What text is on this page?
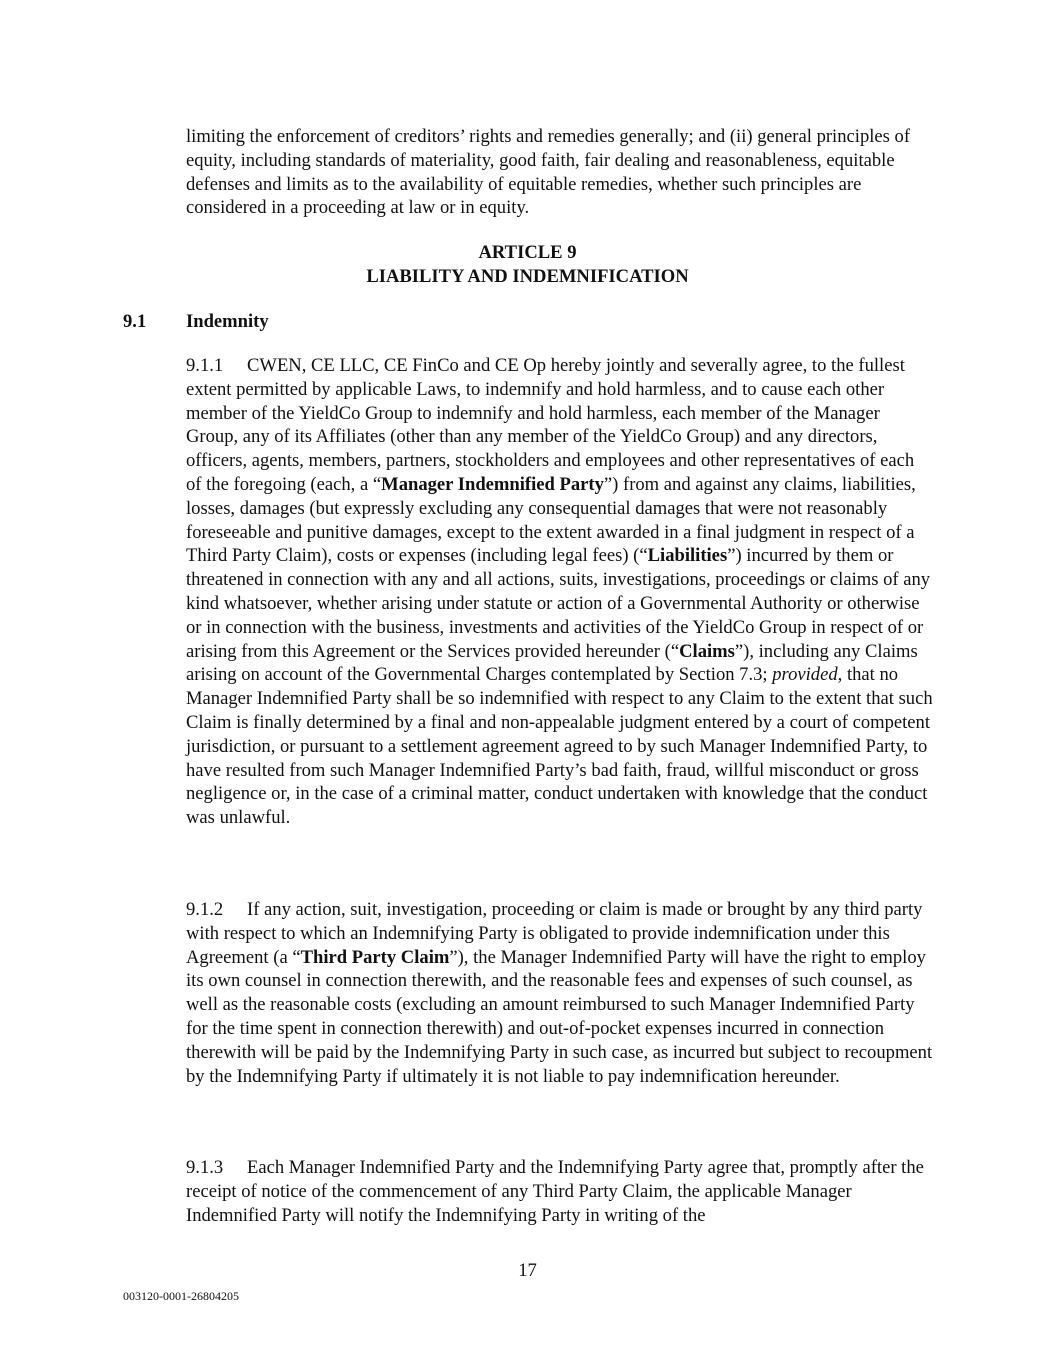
limiting the enforcement of creditors’ rights and remedies generally; and (ii) general principles of equity, including standards of materiality, good faith, fair dealing and reasonableness, equitable defenses and limits as to the availability of equitable remedies, whether such principles are considered in a proceeding at law or in equity.

ARTICLE 9
LIABILITY AND INDEMNIFICATION
9.1 Indemnity

9.1.1 CWEN, CE LLC, CE FinCo and CE Op hereby jointly and severally agree, to the fullest extent permitted by applicable Laws, to indemnify and hold harmless, and to cause each other member of the YieldCo Group to indemnify and hold harmless, each member of the Manager Group, any of its Affiliates (other than any member of the YieldCo Group) and any directors, officers, agents, members, partners, stockholders and employees and other representatives of each of the foregoing (each, a “Manager Indemnified Party”) from and against any claims, liabilities, losses, damages (but expressly excluding any consequential damages that were not reasonably foreseeable and punitive damages, except to the extent awarded in a final judgment in respect of a Third Party Claim), costs or expenses (including legal fees) (“Liabilities”) incurred by them or threatened in connection with any and all actions, suits, investigations, proceedings or claims of any kind whatsoever, whether arising under statute or action of a Governmental Authority or otherwise or in connection with the business, investments and activities of the YieldCo Group in respect of or arising from this Agreement or the Services provided hereunder (“Claims”), including any Claims arising on account of the Governmental Charges contemplated by Section 7.3; provided, that no Manager Indemnified Party shall be so indemnified with respect to any Claim to the extent that such Claim is finally determined by a final and non-appealable judgment entered by a court of competent jurisdiction, or pursuant to a settlement agreement agreed to by such Manager Indemnified Party, to have resulted from such Manager Indemnified Party’s bad faith, fraud, willful misconduct or gross negligence or, in the case of a criminal matter, conduct undertaken with knowledge that the conduct was unlawful.

9.1.2 If any action, suit, investigation, proceeding or claim is made or brought by any third party with respect to which an Indemnifying Party is obligated to provide indemnification under this Agreement (a “Third Party Claim”), the Manager Indemnified Party will have the right to employ its own counsel in connection therewith, and the reasonable fees and expenses of such counsel, as well as the reasonable costs (excluding an amount reimbursed to such Manager Indemnified Party for the time spent in connection therewith) and out-of-pocket expenses incurred in connection therewith will be paid by the Indemnifying Party in such case, as incurred but subject to recoupment by the Indemnifying Party if ultimately it is not liable to pay indemnification hereunder.

9.1.3 Each Manager Indemnified Party and the Indemnifying Party agree that, promptly after the receipt of notice of the commencement of any Third Party Claim, the applicable Manager Indemnified Party will notify the Indemnifying Party in writing of the

17
003120-0001-26804205
